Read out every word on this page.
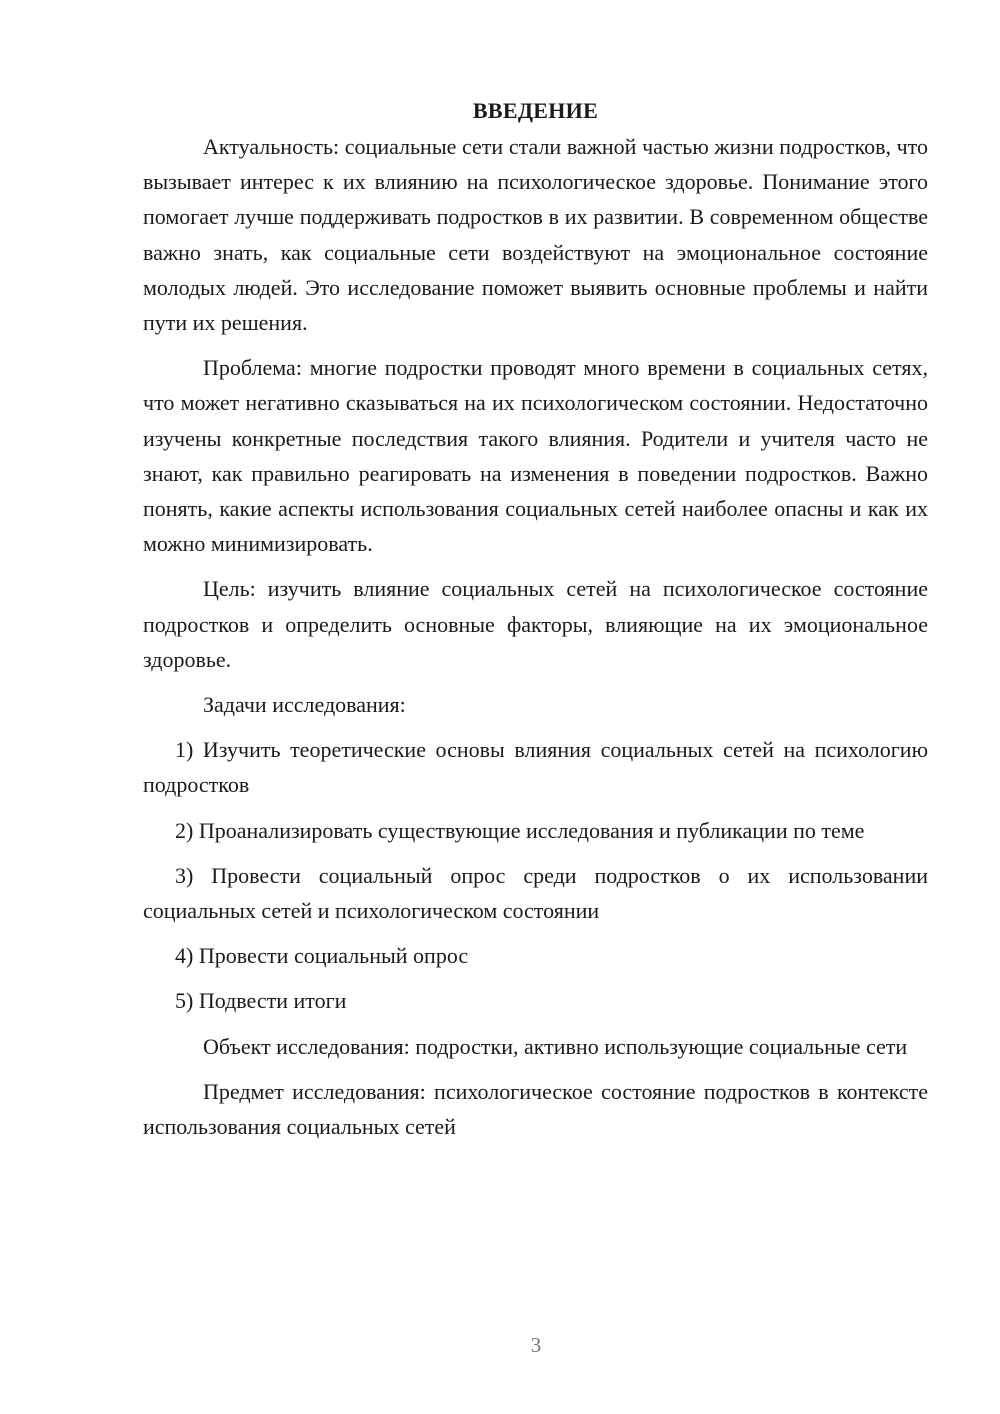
ВВЕДЕНИЕ

Актуальность: социальные сети стали важной частью жизни подростков, что вызывает интерес к их влиянию на психологическое здоровье. Понимание этого помогает лучше поддерживать подростков в их развитии. В современном обществе важно знать, как социальные сети воздействуют на эмоциональное состояние молодых людей. Это исследование поможет выявить основные проблемы и найти пути их решения.

Проблема: многие подростки проводят много времени в социальных сетях, что может негативно сказываться на их психологическом состоянии. Недостаточно изучены конкретные последствия такого влияния. Родители и учителя часто не знают, как правильно реагировать на изменения в поведении подростков. Важно понять, какие аспекты использования социальных сетей наиболее опасны и как их можно минимизировать.

Цель: изучить влияние социальных сетей на психологическое состояние подростков и определить основные факторы, влияющие на их эмоциональное здоровье.

Задачи исследования:

1) Изучить теоретические основы влияния социальных сетей на психологию подростков
2) Проанализировать существующие исследования и публикации по теме
3) Провести социальный опрос среди подростков о их использовании социальных сетей и психологическом состоянии
4) Провести социальный опрос
5) Подвести итоги

Объект исследования: подростки, активно использующие социальные сети

Предмет исследования: психологическое состояние подростков в контексте использования социальных сетей

3
